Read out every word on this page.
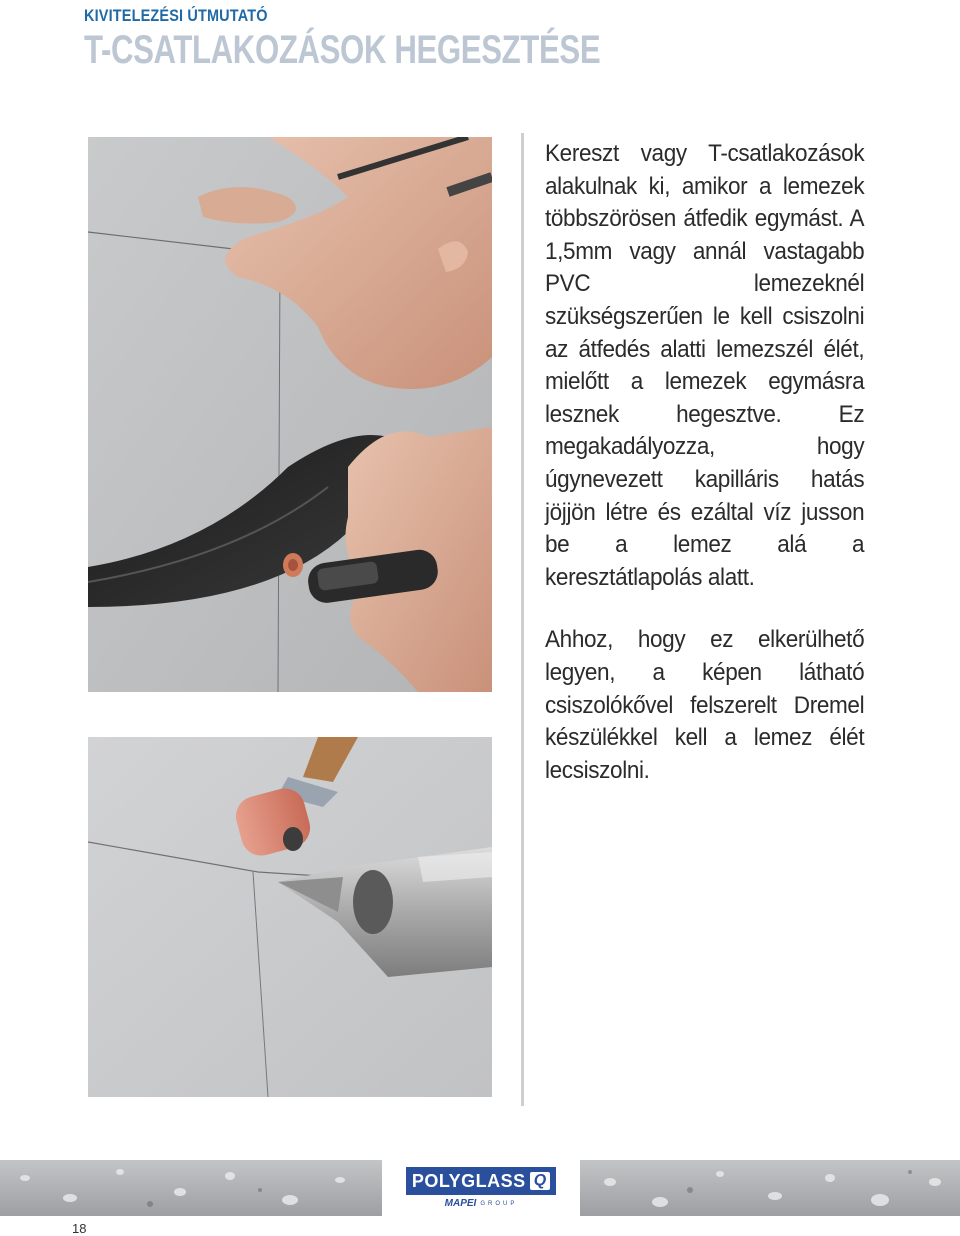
KIVITELEZÉSI ÚTMUTATÓ
T-CSATLAKOZÁSOK HEGESZTÉSE

Kereszt vagy T-csatlakozások alakulnak ki, amikor a lemezek többszörösen átfedik egymást. A 1,5mm vagy annál vastagabb PVC lemezeknél szükségszerűen le kell csiszolni az átfedés alatti lemezszél élét, mielőtt a lemezek egymásra lesznek hegesztve. Ez megakadályozza, hogy úgynevezett kapilláris hatás jöjjön létre és ezáltal víz jusson be a lemez alá a keresztátlapolás alatt.

Ahhoz, hogy ez elkerülhető legyen, a képen látható csiszolókővel felszerelt Dremel készülékkel kell a lemez élét lecsiszolni.

POLYGLASS Q
MAPEI GROUP
18
